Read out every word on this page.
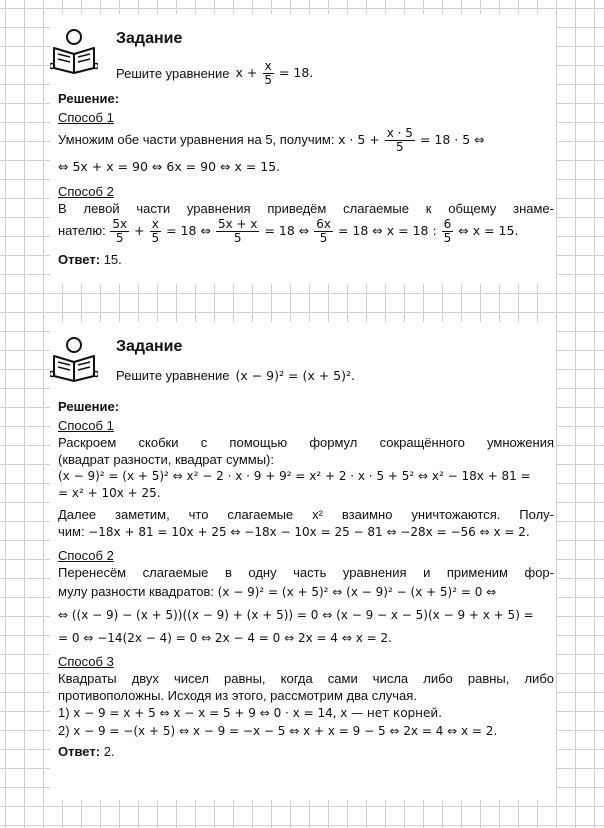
Задание
Решите уравнение $x + \frac{x}{5} = 18$.
Решение:
Способ 1
Умножим обе части уравнения на 5, получим: $x \cdot 5 + \frac{x \cdot 5}{5} = 18 \cdot 5$ ⇔
⇔ 5x + x = 90 ⇔ 6x = 90 ⇔ x = 15.
Способ 2
В левой части уравнения приведём слагаемые к общему знаме-
нателю: $\frac{5x}{5} + \frac{x}{5} = 18$ ⇔ $\frac{5x + x}{5} = 18$ ⇔ $\frac{6x}{5} = 18$ ⇔ x = 18 : $\frac{6}{5}$ ⇔ x = 15.
Ответ: 15.
Задание
Решите уравнение (x − 9)² = (x + 5)².
Решение:
Способ 1
Раскроем скобки с помощью формул сокращённого умножения
(квадрат разности, квадрат суммы):
(x − 9)² = (x + 5)² ⇔ x² − 2 · x · 9 + 9² = x² + 2 · x · 5 + 5² ⇔ x² − 18x + 81 =
= x² + 10x + 25.
Далее заметим, что слагаемые x² взаимно уничтожаются. Полу-
чим: −18x + 81 = 10x + 25 ⇔ −18x − 10x = 25 − 81 ⇔ −28x = −56 ⇔ x = 2.
Способ 2
Перенесём слагаемые в одну часть уравнения и применим фор-
мулу разности квадратов: (x − 9)² = (x + 5)² ⇔ (x − 9)² − (x + 5)² = 0 ⇔
⇔ ((x − 9) − (x + 5))((x − 9) + (x + 5)) = 0 ⇔ (x − 9 − x − 5)(x − 9 + x + 5) =
= 0 ⇔ −14(2x − 4) = 0 ⇔ 2x − 4 = 0 ⇔ 2x = 4 ⇔ x = 2.
Способ 3
Квадраты двух чисел равны, когда сами числа либо равны, либо
противоположны. Исходя из этого, рассмотрим два случая.
1) x − 9 = x + 5 ⇔ x − x = 5 + 9 ⇔ 0 · x = 14, x — нет корней.
2) x − 9 = −(x + 5) ⇔ x − 9 = −x − 5 ⇔ x + x = 9 − 5 ⇔ 2x = 4 ⇔ x = 2.
Ответ: 2.
